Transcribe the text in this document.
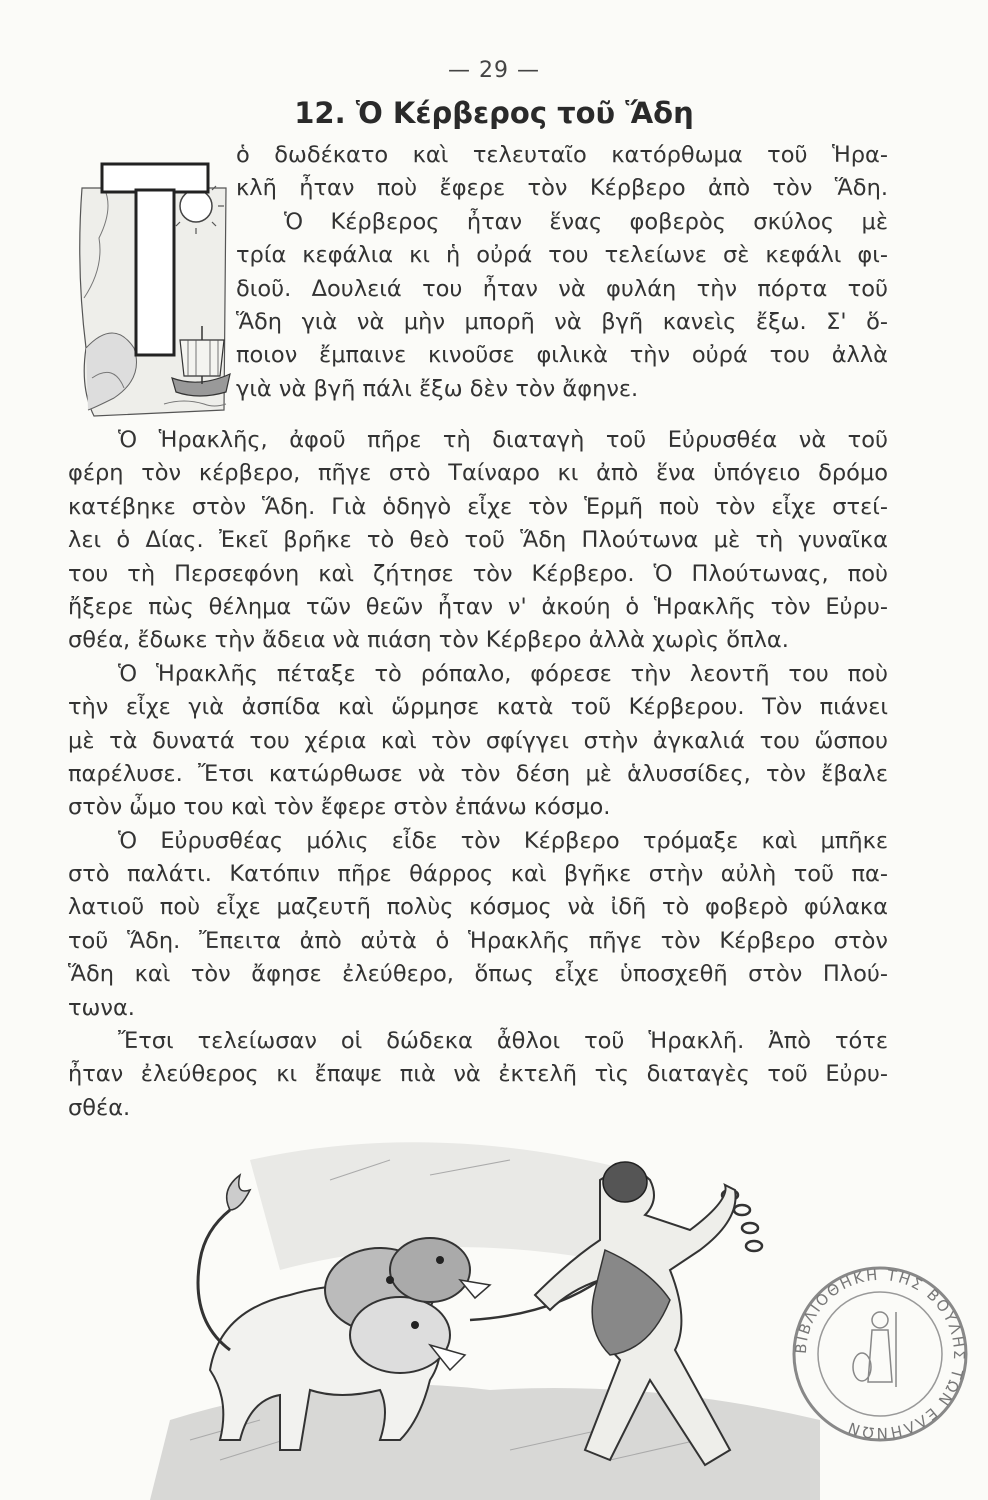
— 29 —
12. Ὁ Κέρβερος τοῦ Ἅδη
ὁ δωδέκατο καὶ τελευταῖο κατόρθωμα τοῦ Ἡρα-
κλῆ ἦταν ποὺ ἔφερε τὸν Κέρβερο ἀπὸ τὸν Ἅδη.
Ὁ Κέρβερος ἦταν ἕνας φοβερὸς σκύλος μὲ
τρία κεφάλια κι ἡ οὐρά του τελείωνε σὲ κεφάλι φι-
διοῦ. Δουλειά του ἦταν νὰ φυλάη τὴν πόρτα τοῦ
Ἅδη γιὰ νὰ μὴν μπορῆ νὰ βγῆ κανεὶς ἔξω. Σ' ὅ-
ποιον ἔμπαινε κινοῦσε φιλικὰ τὴν οὐρά του ἀλλὰ
γιὰ νὰ βγῆ πάλι ἔξω δὲν τὸν ἄφηνε.
Ὁ Ἡρακλῆς, ἀφοῦ πῆρε τὴ διαταγὴ τοῦ Εὐρυσθέα νὰ τοῦ
φέρη τὸν κέρβερο, πῆγε στὸ Ταίναρο κι ἀπὸ ἕνα ὑπόγειο δρόμο
κατέβηκε στὸν Ἅδη. Γιὰ ὁδηγὸ εἶχε τὸν Ἑρμῆ ποὺ τὸν εἶχε στεί-
λει ὁ Δίας. Ἐκεῖ βρῆκε τὸ θεὸ τοῦ Ἅδη Πλούτωνα μὲ τὴ γυναῖκα
του τὴ Περσεφόνη καὶ ζήτησε τὸν Κέρβερο. Ὁ Πλούτωνας, ποὺ
ἤξερε πὼς θέλημα τῶν θεῶν ἦταν ν' ἀκούη ὁ Ἡρακλῆς τὸν Εὐρυ-
σθέα, ἔδωκε τὴν ἄδεια νὰ πιάση τὸν Κέρβερο ἀλλὰ χωρὶς ὅπλα.
Ὁ Ἡρακλῆς πέταξε τὸ ρόπαλο, φόρεσε τὴν λεοντῆ του ποὺ
τὴν εἶχε γιὰ ἀσπίδα καὶ ὥρμησε κατὰ τοῦ Κέρβερου. Τὸν πιάνει
μὲ τὰ δυνατά του χέρια καὶ τὸν σφίγγει στὴν ἀγκαλιά του ὥσπου
παρέλυσε. Ἔτσι κατώρθωσε νὰ τὸν δέση μὲ ἁλυσσίδες, τὸν ἔβαλε
στὸν ὦμο του καὶ τὸν ἔφερε στὸν ἐπάνω κόσμο.
Ὁ Εὐρυσθέας μόλις εἶδε τὸν Κέρβερο τρόμαξε καὶ μπῆκε
στὸ παλάτι. Κατόπιν πῆρε θάρρος καὶ βγῆκε στὴν αὐλὴ τοῦ πα-
λατιοῦ ποὺ εἶχε μαζευτῆ πολὺς κόσμος νὰ ἰδῆ τὸ φοβερὸ φύλακα
τοῦ Ἅδη. Ἔπειτα ἀπὸ αὐτὰ ὁ Ἡρακλῆς πῆγε τὸν Κέρβερο στὸν
Ἅδη καὶ τὸν ἄφησε ἐλεύθερο, ὅπως εἶχε ὑποσχεθῆ στὸν Πλού-
τωνα.
Ἔτσι τελείωσαν οἱ δώδεκα ἆθλοι τοῦ Ἡρακλῆ. Ἀπὸ τότε
ἦταν ἐλεύθερος κι ἔπαψε πιὰ νὰ ἐκτελῆ τὶς διαταγὲς τοῦ Εὐρυ-
σθέα.
ΒΙΒΛΙΟΘΗΚΗ ΤΗΣ ΒΟΥΛΗΣ ΤΩΝ ΕΛΛΗΝΩΝ
